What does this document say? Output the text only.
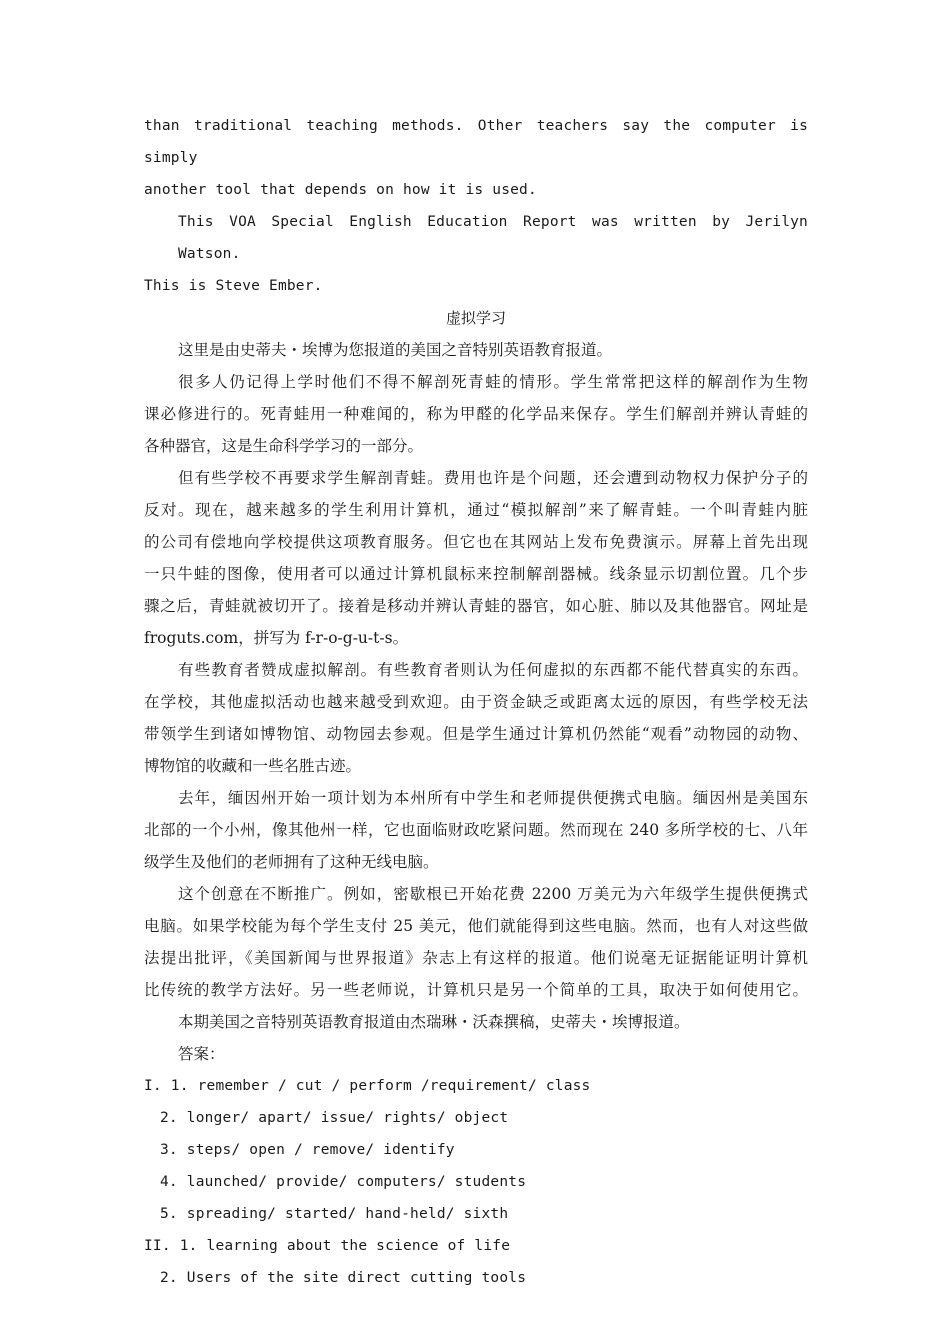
than traditional teaching methods. Other teachers say the computer is simply
another tool that depends on how it is used.
This VOA Special English Education Report was written by Jerilyn Watson.
This is Steve Ember.
虚拟学习
这里是由史蒂夫・埃博为您报道的美国之音特别英语教育报道。
很多人仍记得上学时他们不得不解剖死青蛙的情形。学生常常把这样的解剖作为生物
课必修进行的。死青蛙用一种难闻的，称为甲醛的化学品来保存。学生们解剖并辨认青蛙的
各种器官，这是生命科学学习的一部分。
但有些学校不再要求学生解剖青蛙。费用也许是个问题，还会遭到动物权力保护分子的
反对。现在，越来越多的学生利用计算机，通过“模拟解剖”来了解青蛙。一个叫青蛙内脏
的公司有偿地向学校提供这项教育服务。但它也在其网站上发布免费演示。屏幕上首先出现
一只牛蛙的图像，使用者可以通过计算机鼠标来控制解剖器械。线条显示切割位置。几个步
骤之后，青蛙就被切开了。接着是移动并辨认青蛙的器官，如心脏、肺以及其他器官。网址是
froguts.com，拼写为 f-r-o-g-u-t-s。
有些教育者赞成虚拟解剖。有些教育者则认为任何虚拟的东西都不能代替真实的东西。
在学校，其他虚拟活动也越来越受到欢迎。由于资金缺乏或距离太远的原因，有些学校无法
带领学生到诸如博物馆、动物园去参观。但是学生通过计算机仍然能“观看”动物园的动物、
博物馆的收藏和一些名胜古迹。
去年，缅因州开始一项计划为本州所有中学生和老师提供便携式电脑。缅因州是美国东
北部的一个小州，像其他州一样，它也面临财政吃紧问题。然而现在 240 多所学校的七、八年
级学生及他们的老师拥有了这种无线电脑。
这个创意在不断推广。例如，密歇根已开始花费 2200 万美元为六年级学生提供便携式
电脑。如果学校能为每个学生支付 25 美元，他们就能得到这些电脑。然而，也有人对这些做
法提出批评，《美国新闻与世界报道》杂志上有这样的报道。他们说毫无证据能证明计算机
比传统的教学方法好。另一些老师说，计算机只是另一个简单的工具，取决于如何使用它。
本期美国之音特别英语教育报道由杰瑞琳・沃森撰稿，史蒂夫・埃博报道。
答案：
I. 1. remember / cut / perform /requirement/ class
2. longer/ apart/ issue/ rights/ object
3. steps/ open / remove/ identify
4. launched/ provide/ computers/ students
5. spreading/ started/ hand-held/ sixth
II. 1. learning about the science of life
2. Users of the site direct cutting tools
